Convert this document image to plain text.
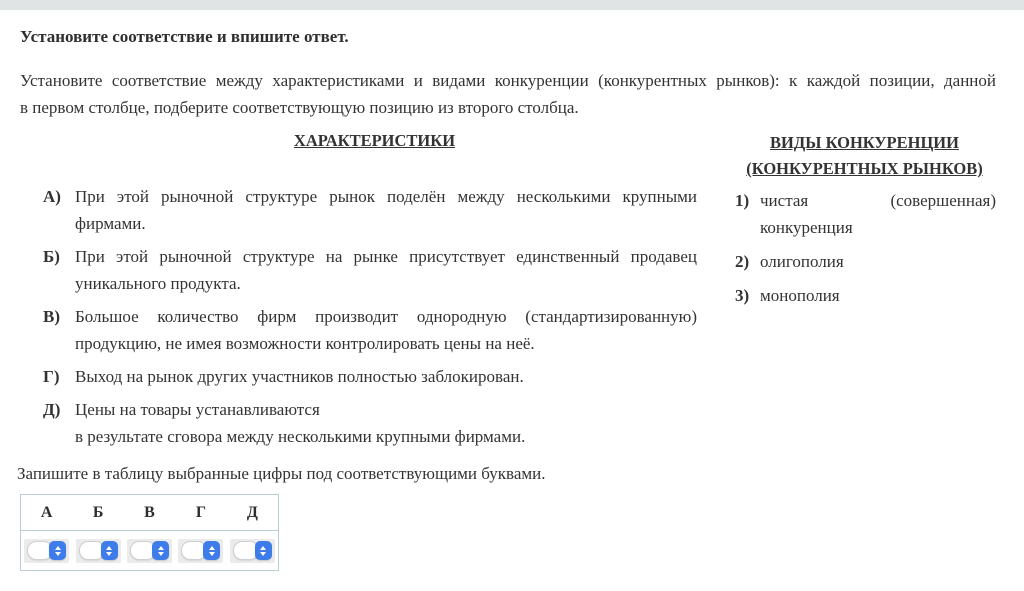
Установите соответствие и впишите ответ.

Установите соответствие между характеристиками и видами конкуренции (конкурентных рынков): к каждой позиции, данной
в первом столбце, подберите соответствующую позицию из второго столбца.

ХАРАКТЕРИСТИКИ
А) При этой рыночной структуре рынок поделён между несколькими крупными
фирмами.
Б) При этой рыночной структуре на рынке присутствует единственный продавец
уникального продукта.
В) Большое количество фирм производит однородную (стандартизированную)
продукцию, не имея возможности контролировать цены на неё.
Г) Выход на рынок других участников полностью заблокирован.
Д) Цены на товары устанавливаются
в результате сговора между несколькими крупными фирмами.
ВИДЫ КОНКУРЕНЦИИ
(КОНКУРЕНТНЫХ РЫНКОВ)
1) чистая (совершенная)
конкуренция
2) олигополия
3) монополия

Запишите в таблицу выбранные цифры под соответствующими буквами.

А	Б	В	Г	Д
